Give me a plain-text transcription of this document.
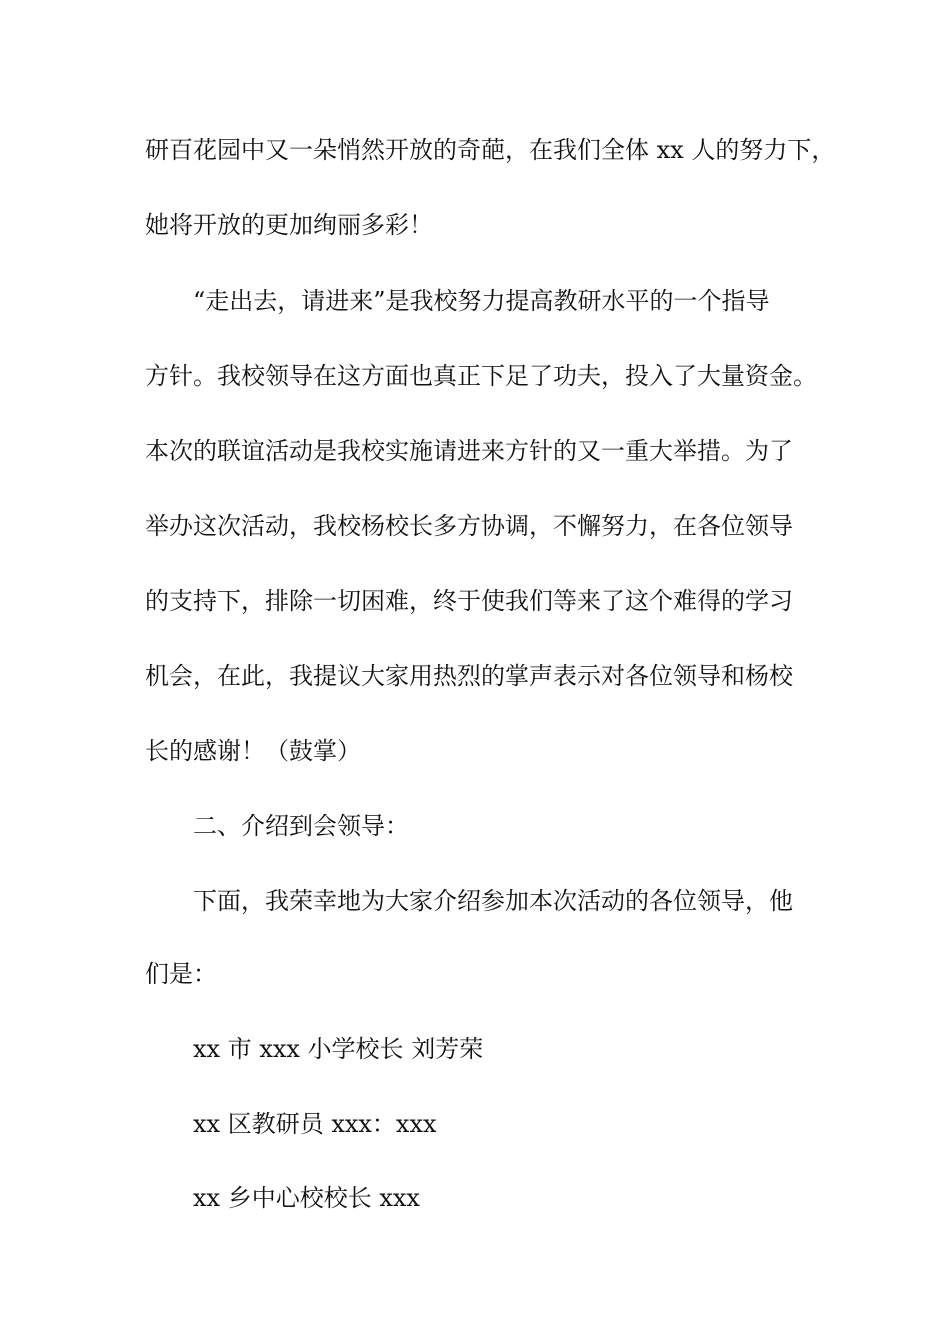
研百花园中又一朵悄然开放的奇葩，在我们全体 xx 人的努力下，
她将开放的更加绚丽多彩！
“走出去，请进来”是我校努力提高教研水平的一个指导
方针。我校领导在这方面也真正下足了功夫，投入了大量资金。
本次的联谊活动是我校实施请进来方针的又一重大举措。为了
举办这次活动，我校杨校长多方协调，不懈努力，在各位领导
的支持下，排除一切困难，终于使我们等来了这个难得的学习
机会，在此，我提议大家用热烈的掌声表示对各位领导和杨校
长的感谢！（鼓掌）
二、介绍到会领导：
下面，我荣幸地为大家介绍参加本次活动的各位领导，他
们是：
xx 市 xxx 小学校长 刘芳荣
xx 区教研员 xxx：xxx
xx 乡中心校校长 xxx
